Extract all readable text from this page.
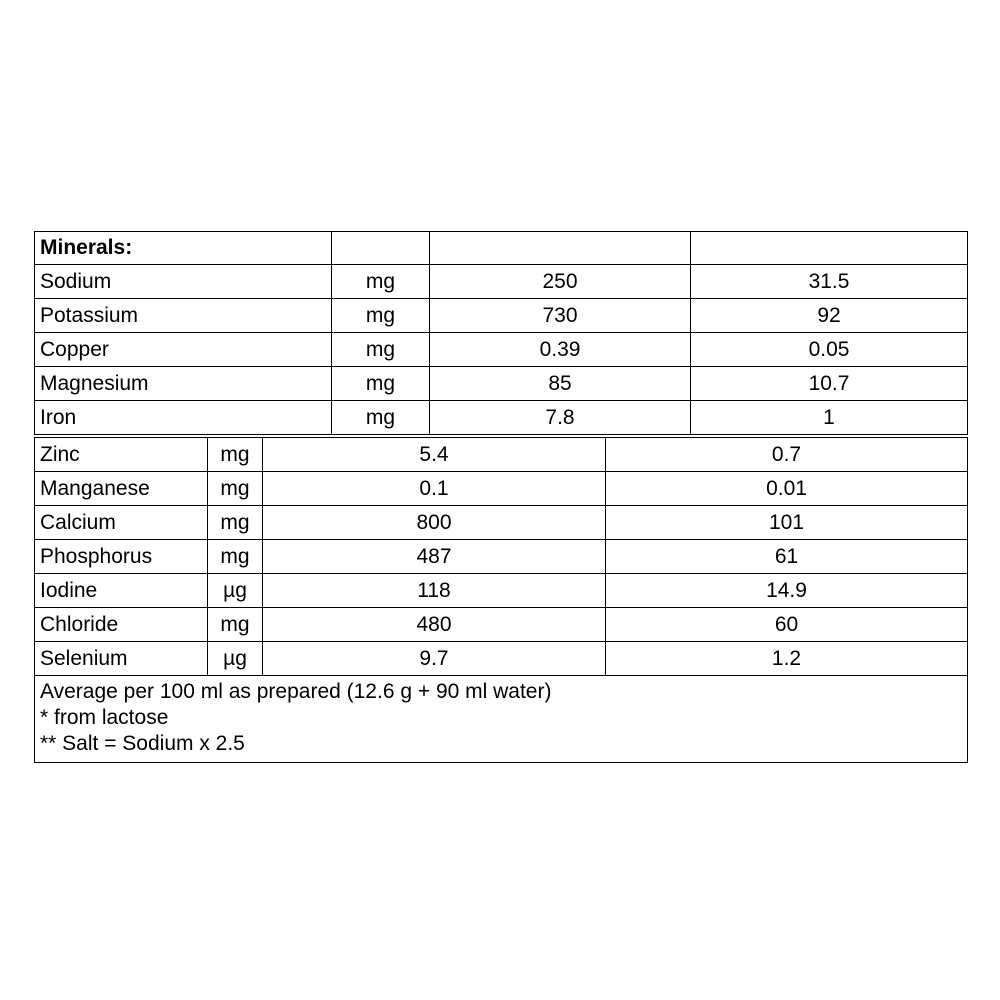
Minerals:			
Sodium	mg	250	31.5
Potassium	mg	730	92
Copper	mg	0.39	0.05
Magnesium	mg	85	10.7
Iron	mg	7.8	1
Zinc	mg	5.4	0.7
Manganese	mg	0.1	0.01
Calcium	mg	800	101
Phosphorus	mg	487	61
Iodine	µg	118	14.9
Chloride	mg	480	60
Selenium	µg	9.7	1.2

Average per 100 ml as prepared (12.6 g + 90 ml water)
* from lactose
** Salt = Sodium x 2.5			
